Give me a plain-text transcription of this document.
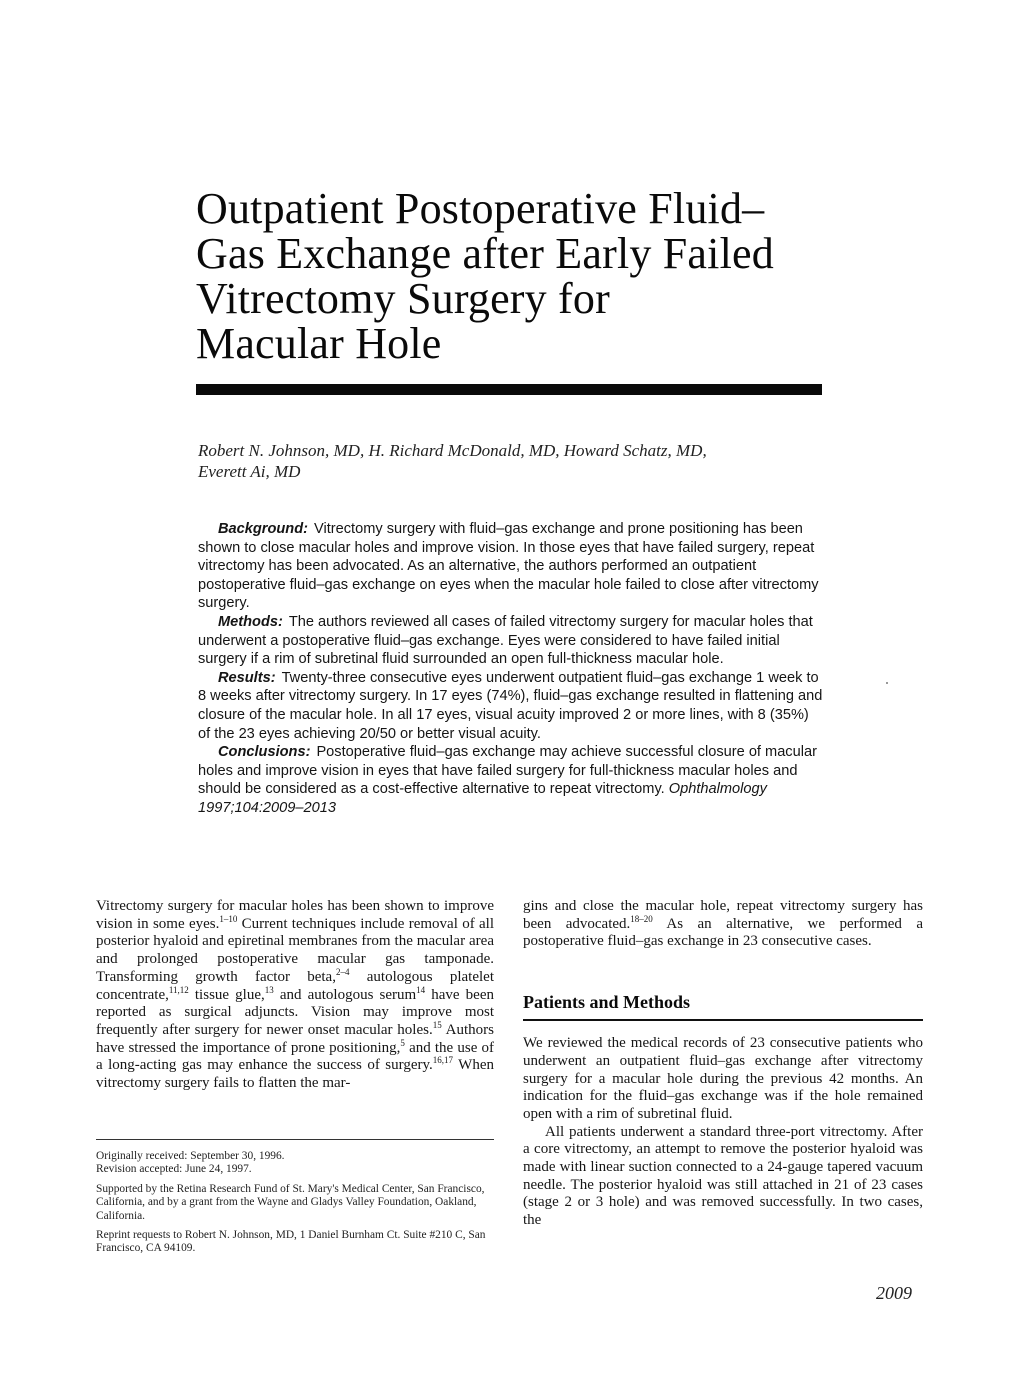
Outpatient Postoperative Fluid–
Gas Exchange after Early Failed
Vitrectomy Surgery for
Macular Hole

Robert N. Johnson, MD, H. Richard McDonald, MD, Howard Schatz, MD,
Everett Ai, MD

Background: Vitrectomy surgery with fluid–gas exchange and prone positioning has been shown to close macular holes and improve vision. In those eyes that have failed surgery, repeat vitrectomy has been advocated. As an alternative, the authors performed an outpatient postoperative fluid–gas exchange on eyes when the macular hole failed to close after vitrectomy surgery.

Methods: The authors reviewed all cases of failed vitrectomy surgery for macular holes that underwent a postoperative fluid–gas exchange. Eyes were considered to have failed initial surgery if a rim of subretinal fluid surrounded an open full-thickness macular hole.

Results: Twenty-three consecutive eyes underwent outpatient fluid–gas exchange 1 week to 8 weeks after vitrectomy surgery. In 17 eyes (74%), fluid–gas exchange resulted in flattening and closure of the macular hole. In all 17 eyes, visual acuity improved 2 or more lines, with 8 (35%) of the 23 eyes achieving 20/50 or better visual acuity.

Conclusions: Postoperative fluid–gas exchange may achieve successful closure of macular holes and improve vision in eyes that have failed surgery for full-thickness macular holes and should be considered as a cost-effective alternative to repeat vitrectomy. Ophthalmology 1997;104:2009–2013

Vitrectomy surgery for macular holes has been shown to improve vision in some eyes.$^{1-10}$ Current techniques include removal of all posterior hyaloid and epiretinal membranes from the macular area and prolonged postoperative macular gas tamponade. Transforming growth factor beta,$^{2-4}$ autologous platelet concentrate,$^{11,12}$ tissue glue,$^{13}$ and autologous serum$^{14}$ have been reported as surgical adjuncts. Vision may improve most frequently after surgery for newer onset macular holes.$^{15}$ Authors have stressed the importance of prone positioning,$^5$ and the use of a long-acting gas may enhance the success of surgery.$^{16,17}$ When vitrectomy surgery fails to flatten the mar-

gins and close the macular hole, repeat vitrectomy surgery has been advocated.$^{18-20}$ As an alternative, we performed a postoperative fluid–gas exchange in 23 consecutive cases.

Patients and Methods

We reviewed the medical records of 23 consecutive patients who underwent an outpatient fluid–gas exchange after vitrectomy surgery for a macular hole during the previous 42 months. An indication for the fluid–gas exchange was if the hole remained open with a rim of subretinal fluid.

All patients underwent a standard three-port vitrectomy. After a core vitrectomy, an attempt to remove the posterior hyaloid was made with linear suction connected to a 24-gauge tapered vacuum needle. The posterior hyaloid was still attached in 21 of 23 cases (stage 2 or 3 hole) and was removed successfully. In two cases, the

Originally received: September 30, 1996.

Revision accepted: June 24, 1997.

Supported by the Retina Research Fund of St. Mary's Medical Center, San Francisco, California, and by a grant from the Wayne and Gladys Valley Foundation, Oakland, California.

Reprint requests to Robert N. Johnson, MD, 1 Daniel Burnham Ct. Suite #210 C, San Francisco, CA 94109.

2009
